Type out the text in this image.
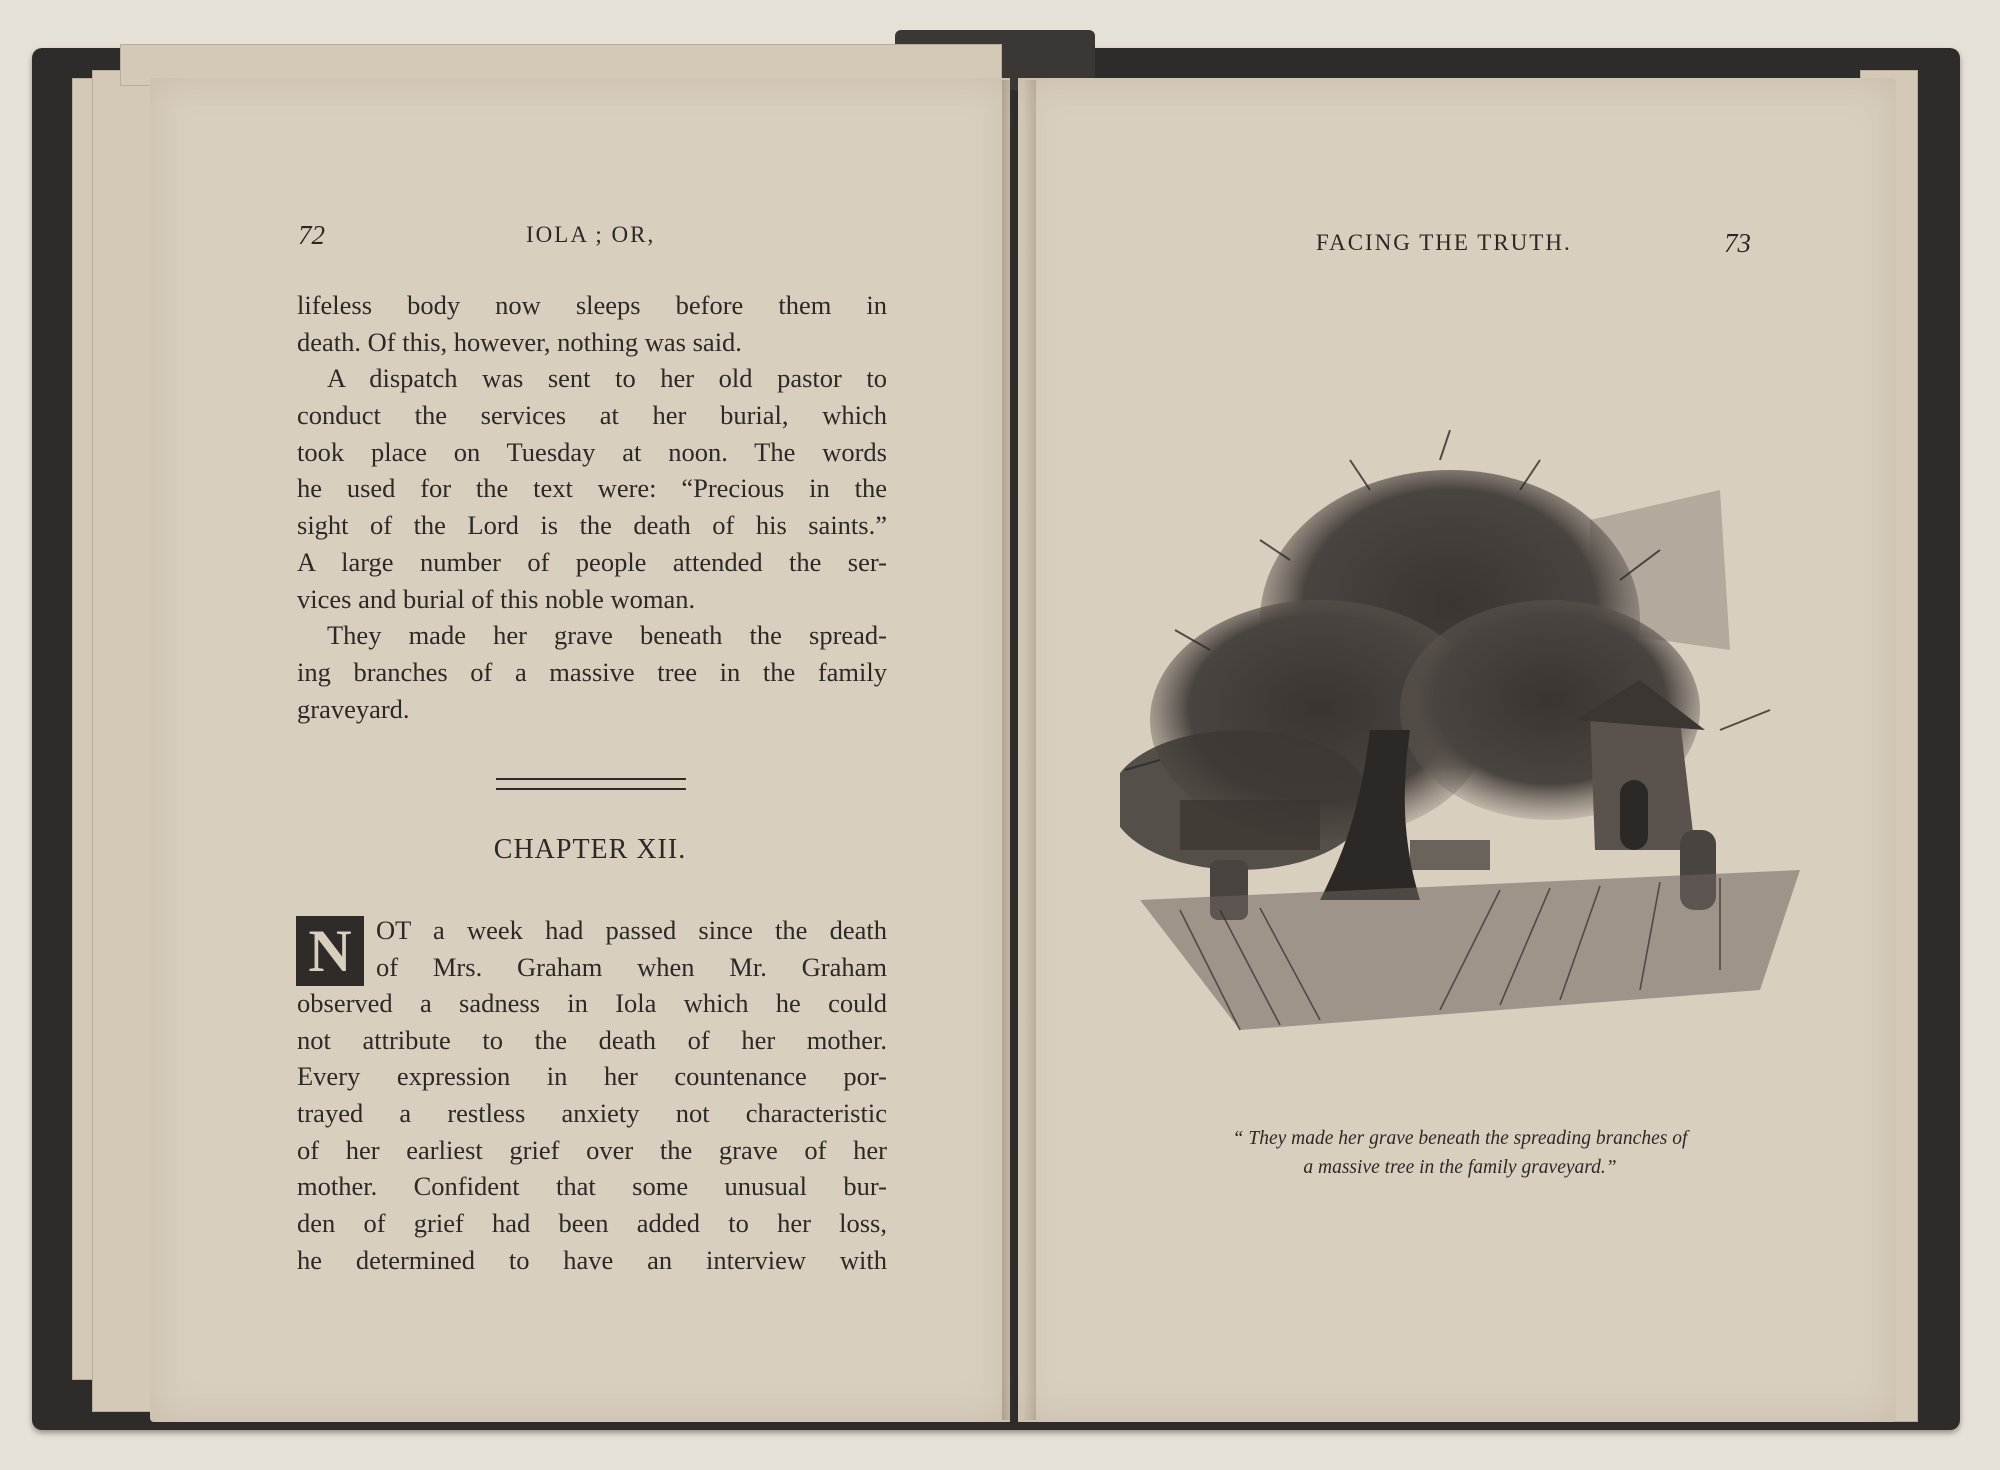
72	IOLA ; OR,
lifeless body now sleeps before them in
death. Of this, however, nothing was said.
A dispatch was sent to her old pastor to
conduct the services at her burial, which
took place on Tuesday at noon. The words
he used for the text were: “Precious in the
sight of the Lord is the death of his saints.”
A large number of people attended the ser-
vices and burial of this noble woman.
They made her grave beneath the spread-
ing branches of a massive tree in the family
graveyard.
CHAPTER XII.
N OT a week had passed since the death
of Mrs. Graham when Mr. Graham
observed a sadness in Iola which he could
not attribute to the death of her mother.
Every expression in her countenance por-
trayed a restless anxiety not characteristic
of her earliest grief over the grave of her
mother. Confident that some unusual bur-
den of grief had been added to her loss,
he determined to have an interview with
FACING THE TRUTH.	73
“ They made her grave beneath the spreading branches of
a massive tree in the family graveyard.”
